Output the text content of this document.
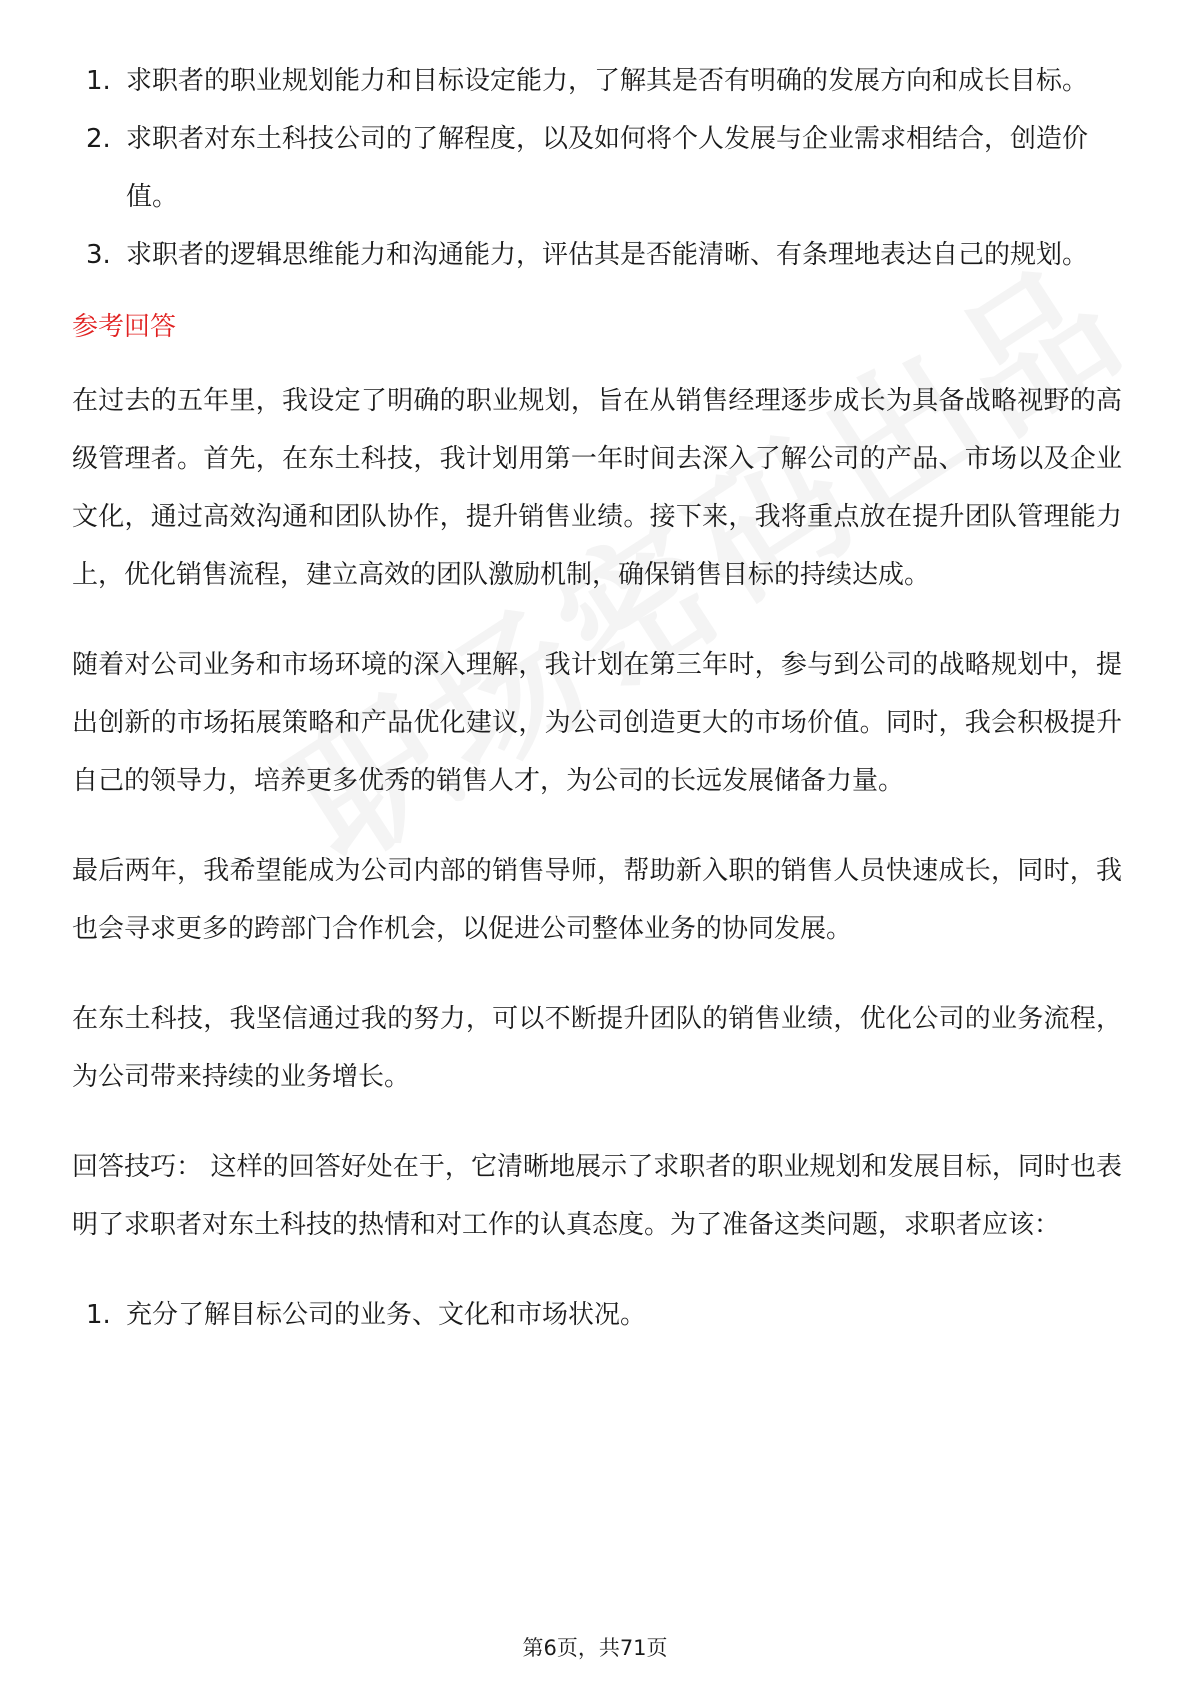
1. 求职者的职业规划能力和目标设定能力，了解其是否有明确的发展方向和成长目标。
2. 求职者对东土科技公司的了解程度，以及如何将个人发展与企业需求相结合，创造价值。
3. 求职者的逻辑思维能力和沟通能力，评估其是否能清晰、有条理地表达自己的规划。
参考回答

在过去的五年里，我设定了明确的职业规划，旨在从销售经理逐步成长为具备战略视野的高级管理者。首先，在东土科技，我计划用第一年时间去深入了解公司的产品、市场以及企业文化，通过高效沟通和团队协作，提升销售业绩。接下来，我将重点放在提升团队管理能力上，优化销售流程，建立高效的团队激励机制，确保销售目标的持续达成。

随着对公司业务和市场环境的深入理解，我计划在第三年时，参与到公司的战略规划中，提出创新的市场拓展策略和产品优化建议，为公司创造更大的市场价值。同时，我会积极提升自己的领导力，培养更多优秀的销售人才，为公司的长远发展储备力量。

最后两年，我希望能成为公司内部的销售导师，帮助新入职的销售人员快速成长，同时，我也会寻求更多的跨部门合作机会，以促进公司整体业务的协同发展。

在东土科技，我坚信通过我的努力，可以不断提升团队的销售业绩，优化公司的业务流程，为公司带来持续的业务增长。

回答技巧： 这样的回答好处在于，它清晰地展示了求职者的职业规划和发展目标，同时也表明了求职者对东土科技的热情和对工作的认真态度。为了准备这类问题，求职者应该：

1. 充分了解目标公司的业务、文化和市场状况。
第6页，共71页
